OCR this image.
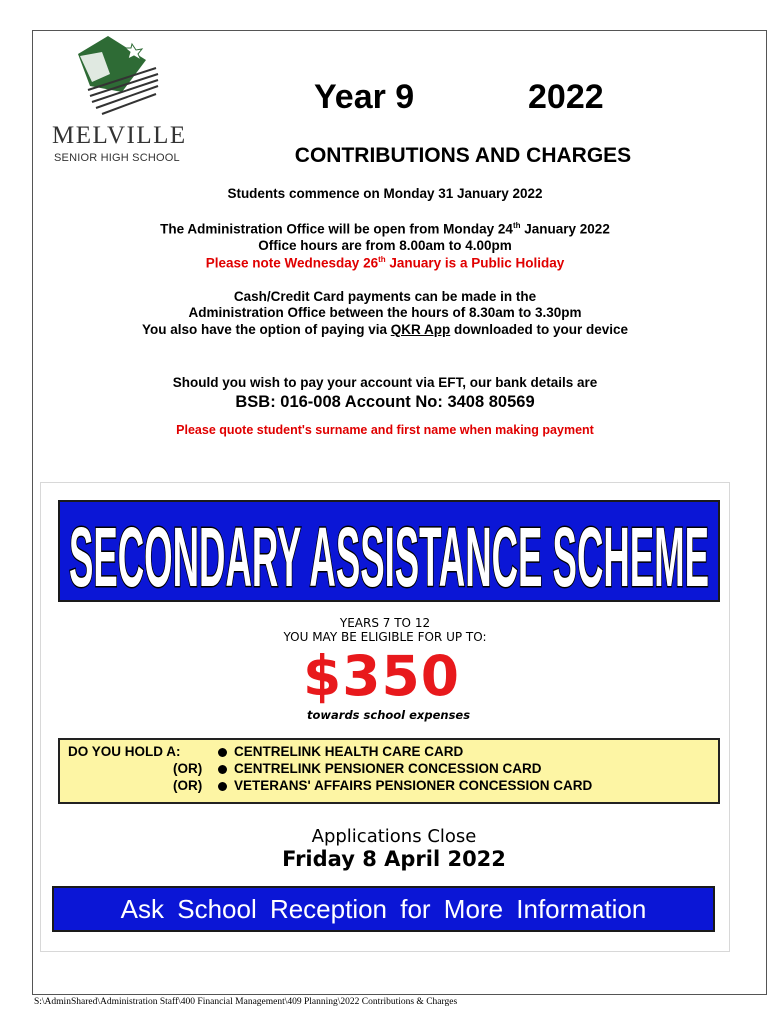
MELVILLE
SENIOR HIGH SCHOOL
Year 9	2022
CONTRIBUTIONS AND CHARGES
Students commence on Monday 31 January 2022
The Administration Office will be open from Monday 24th January 2022
Office hours are from 8.00am to 4.00pm
Please note Wednesday 26th January is a Public Holiday
Cash/Credit Card payments can be made in the
Administration Office between the hours of 8.30am to 3.30pm
You also have the option of paying via QKR App downloaded to your device
Should you wish to pay your account via EFT, our bank details are
BSB: 016-008 Account No: 3408 80569
Please quote student's surname and first name when making payment
SECONDARY ASSISTANCE SCHEME
YEARS 7 TO 12
YOU MAY BE ELIGIBLE FOR UP TO:
$350
towards school expenses
DO YOU HOLD A:	CENTRELINK HEALTH CARE CARD
(OR) CENTRELINK PENSIONER CONCESSION CARD
(OR) VETERANS' AFFAIRS PENSIONER CONCESSION CARD
Applications Close
Friday 8 April 2022
Ask School Reception for More Information
S:\AdminShared\Administration Staff\400 Financial Management\409 Planning\2022 Contributions & Charges
